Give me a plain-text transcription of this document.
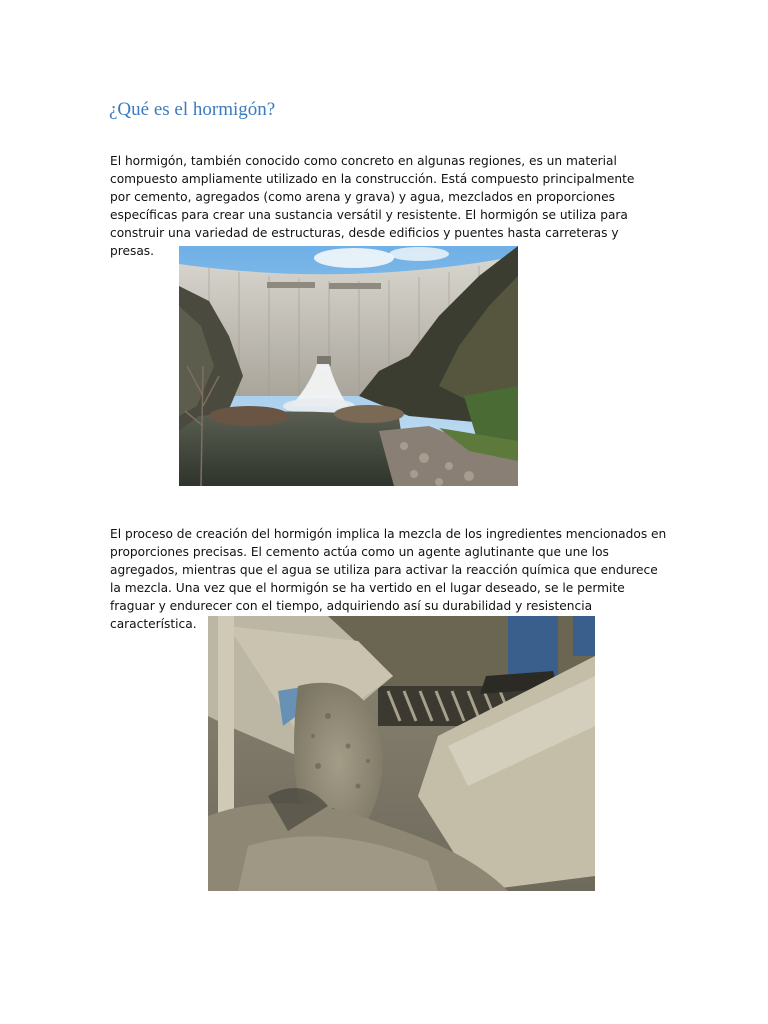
¿Qué es el hormigón?

El hormigón, también conocido como concreto en algunas regiones, es un material compuesto ampliamente utilizado en la construcción. Está compuesto principalmente por cemento, agregados (como arena y grava) y agua, mezclados en proporciones específicas para crear una sustancia versátil y resistente. El hormigón se utiliza para construir una variedad de estructuras, desde edificios y puentes hasta carreteras y presas.

El proceso de creación del hormigón implica la mezcla de los ingredientes mencionados en proporciones precisas. El cemento actúa como un agente aglutinante que une los agregados, mientras que el agua se utiliza para activar la reacción química que endurece la mezcla. Una vez que el hormigón se ha vertido en el lugar deseado, se le permite fraguar y endurecer con el tiempo, adquiriendo así su durabilidad y resistencia característica.
